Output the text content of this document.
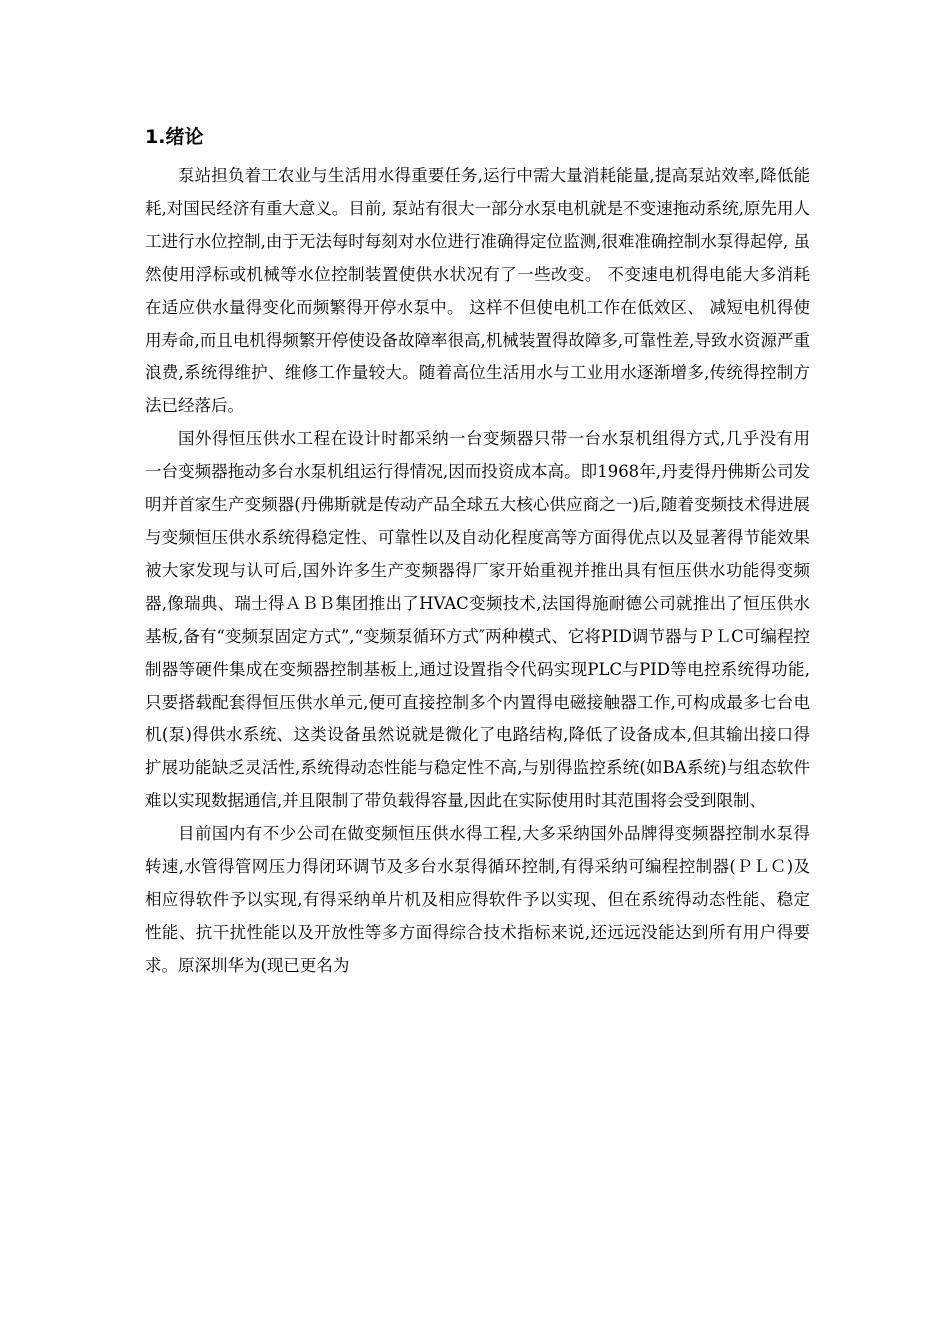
1.绪论

泵站担负着工农业与生活用水得重要任务,运行中需大量消耗能量,提高泵站效率,降低能耗,对国民经济有重大意义。目前, 泵站有很大一部分水泵电机就是不变速拖动系统,原先用人工进行水位控制,由于无法每时每刻对水位进行准确得定位监测,很难准确控制水泵得起停, 虽然使用浮标或机械等水位控制装置使供水状况有了一些改变。 不变速电机得电能大多消耗在适应供水量得变化而频繁得开停水泵中。 这样不但使电机工作在低效区、 减短电机得使用寿命,而且电机得频繁开停使设备故障率很高,机械装置得故障多,可靠性差,导致水资源严重浪费,系统得维护、维修工作量较大。随着高位生活用水与工业用水逐渐增多,传统得控制方法已经落后。

国外得恒压供水工程在设计时都采纳一台变频器只带一台水泵机组得方式,几乎没有用一台变频器拖动多台水泵机组运行得情况,因而投资成本高。即1968年,丹麦得丹佛斯公司发明并首家生产变频器(丹佛斯就是传动产品全球五大核心供应商之一)后,随着变频技术得进展与变频恒压供水系统得稳定性、可靠性以及自动化程度高等方面得优点以及显著得节能效果被大家发现与认可后,国外许多生产变频器得厂家开始重视并推出具有恒压供水功能得变频器,像瑞典、瑞士得ＡＢＢ集团推出了HVAC变频技术,法国得施耐德公司就推出了恒压供水基板,备有“变频泵固定方式”,“变频泵循环方式″两种模式、它将PID调节器与ＰＬC可编程控制器等硬件集成在变频器控制基板上,通过设置指令代码实现PLC与PID等电控系统得功能,只要搭载配套得恒压供水单元,便可直接控制多个内置得电磁接触器工作,可构成最多七台电机(泵)得供水系统、这类设备虽然说就是微化了电路结构,降低了设备成本,但其输出接口得扩展功能缺乏灵活性,系统得动态性能与稳定性不高,与别得监控系统(如BA系统)与组态软件难以实现数据通信,并且限制了带负载得容量,因此在实际使用时其范围将会受到限制、

目前国内有不少公司在做变频恒压供水得工程,大多采纳国外品牌得变频器控制水泵得转速,水管得管网压力得闭环调节及多台水泵得循环控制,有得采纳可编程控制器(ＰＬＣ)及相应得软件予以实现,有得采纳单片机及相应得软件予以实现、但在系统得动态性能、稳定性能、抗干扰性能以及开放性等多方面得综合技术指标来说,还远远没能达到所有用户得要求。原深圳华为(现已更名为
